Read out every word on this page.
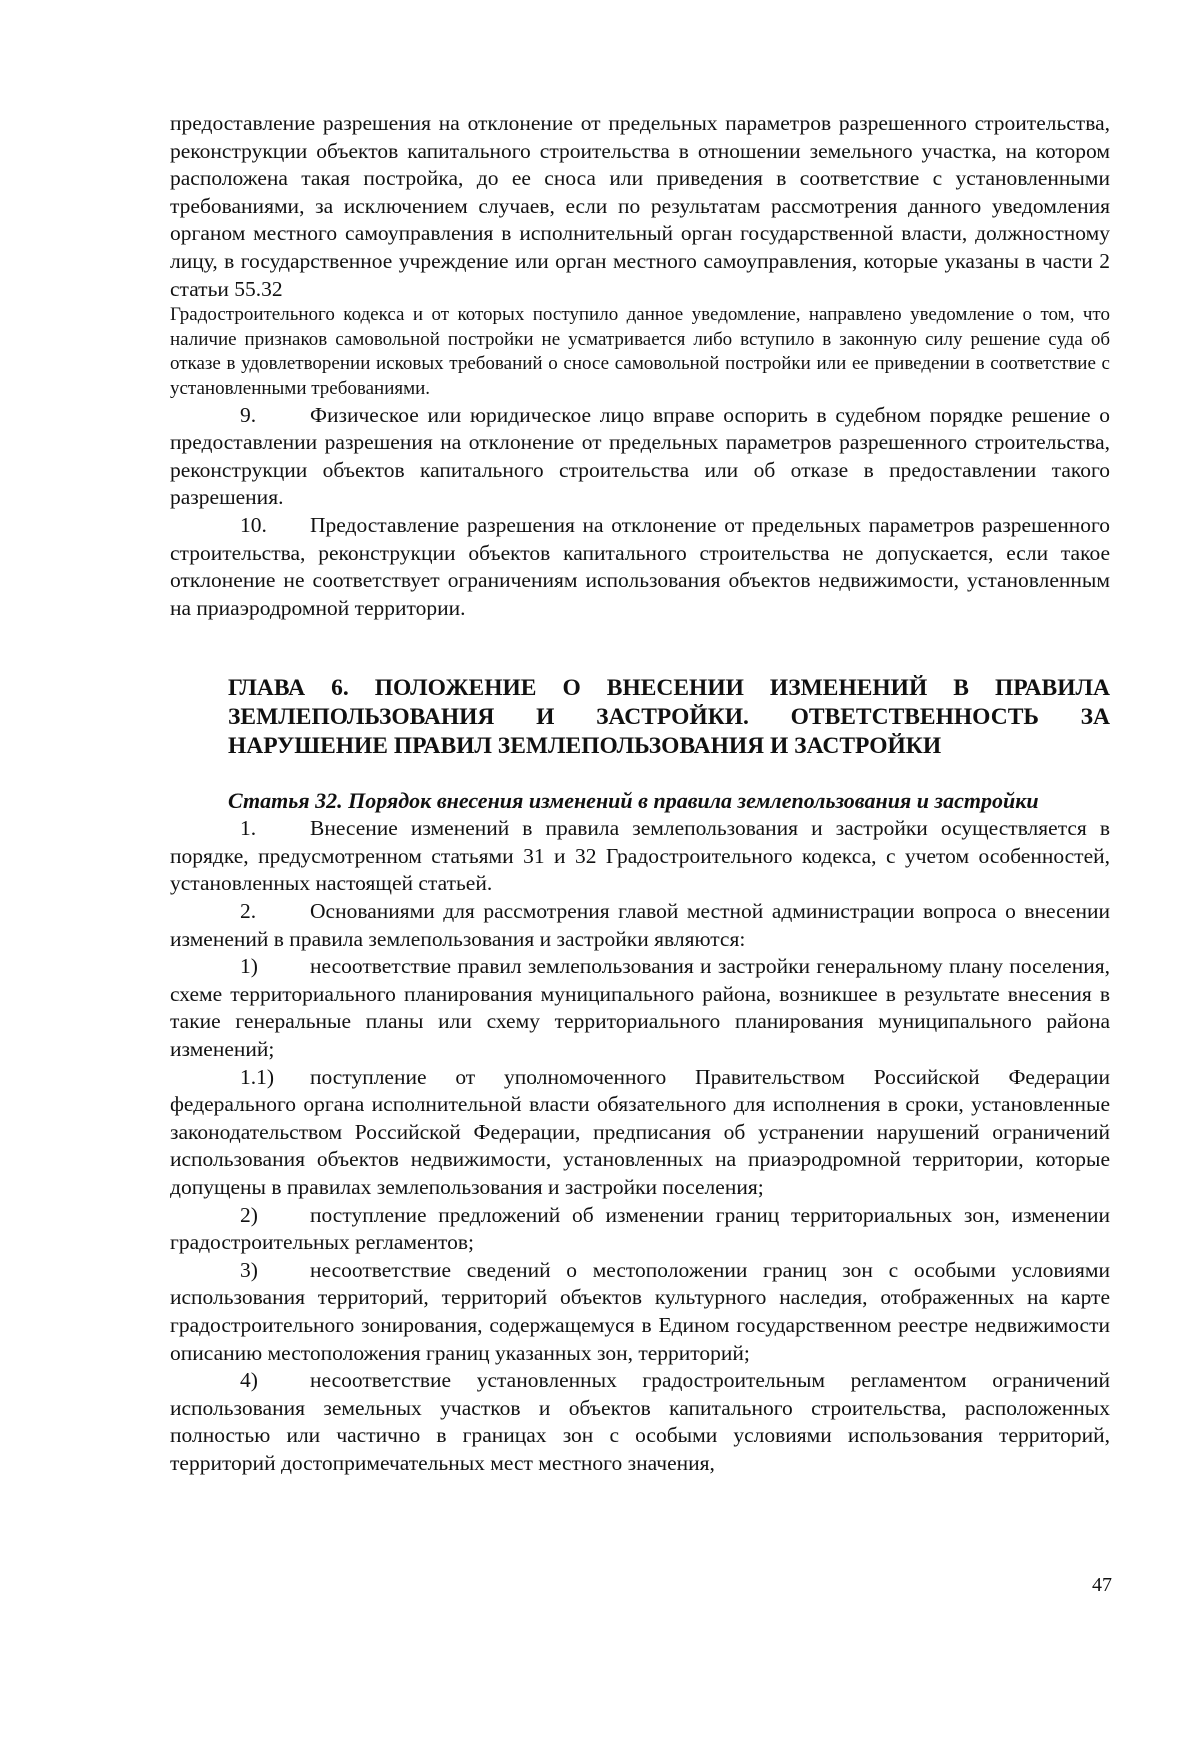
предоставление разрешения на отклонение от предельных параметров разрешенного строительства, реконструкции объектов капитального строительства в отношении земельного участка, на котором расположена такая постройка, до ее сноса или приведения в соответствие с установленными требованиями, за исключением случаев, если по результатам рассмотрения данного уведомления органом местного самоуправления в исполнительный орган государственной власти, должностному лицу, в государственное учреждение или орган местного самоуправления, которые указаны в части 2 статьи 55.32

Градостроительного кодекса и от которых поступило данное уведомление, направлено уведомление о том, что наличие признаков самовольной постройки не усматривается либо вступило в законную силу решение суда об отказе в удовлетворении исковых требований о сносе самовольной постройки или ее приведении в соответствие с установленными требованиями.

9.	Физическое или юридическое лицо вправе оспорить в судебном порядке решение о предоставлении разрешения на отклонение от предельных параметров разрешенного строительства, реконструкции объектов капитального строительства или об отказе в предоставлении такого разрешения.

10. Предоставление разрешения на отклонение от предельных параметров разрешенного строительства, реконструкции объектов капитального строительства не допускается, если такое отклонение не соответствует ограничениям использования объектов недвижимости, установленным на приаэродромной территории.

ГЛАВА 6. ПОЛОЖЕНИЕ О ВНЕСЕНИИ ИЗМЕНЕНИЙ В ПРАВИЛА
ЗЕМЛЕПОЛЬЗОВАНИЯ И ЗАСТРОЙКИ. ОТВЕТСТВЕННОСТЬ ЗА
НАРУШЕНИЕ ПРАВИЛ ЗЕМЛЕПОЛЬЗОВАНИЯ И ЗАСТРОЙКИ
Статья 32. Порядок внесения изменений в правила землепользования и застройки

1.	Внесение изменений в правила землепользования и застройки осуществляется в порядке, предусмотренном статьями 31 и 32 Градостроительного кодекса, с учетом особенностей, установленных настоящей статьей.

2.	Основаниями для рассмотрения главой местной администрации вопроса о внесении изменений в правила землепользования и застройки являются:

1) несоответствие правил землепользования и застройки генеральному плану поселения, схеме территориального планирования муниципального района, возникшее в результате внесения в такие генеральные планы или схему территориального планирования муниципального района изменений;

1.1) поступление от уполномоченного Правительством Российской Федерации федерального органа исполнительной власти обязательного для исполнения в сроки, установленные законодательством Российской Федерации, предписания об устранении нарушений ограничений использования объектов недвижимости, установленных на приаэродромной территории, которые допущены в правилах землепользования и застройки поселения;

2) поступление предложений об изменении границ территориальных зон, изменении градостроительных регламентов;

3) несоответствие сведений о местоположении границ зон с особыми условиями использования территорий, территорий объектов культурного наследия, отображенных на карте градостроительного зонирования, содержащемуся в Едином государственном реестре недвижимости описанию местоположения границ указанных зон, территорий;

4) несоответствие установленных градостроительным регламентом ограничений использования земельных участков и объектов капитального строительства, расположенных полностью или частично в границах зон с особыми условиями использования территорий, территорий достопримечательных мест местного значения,

47
